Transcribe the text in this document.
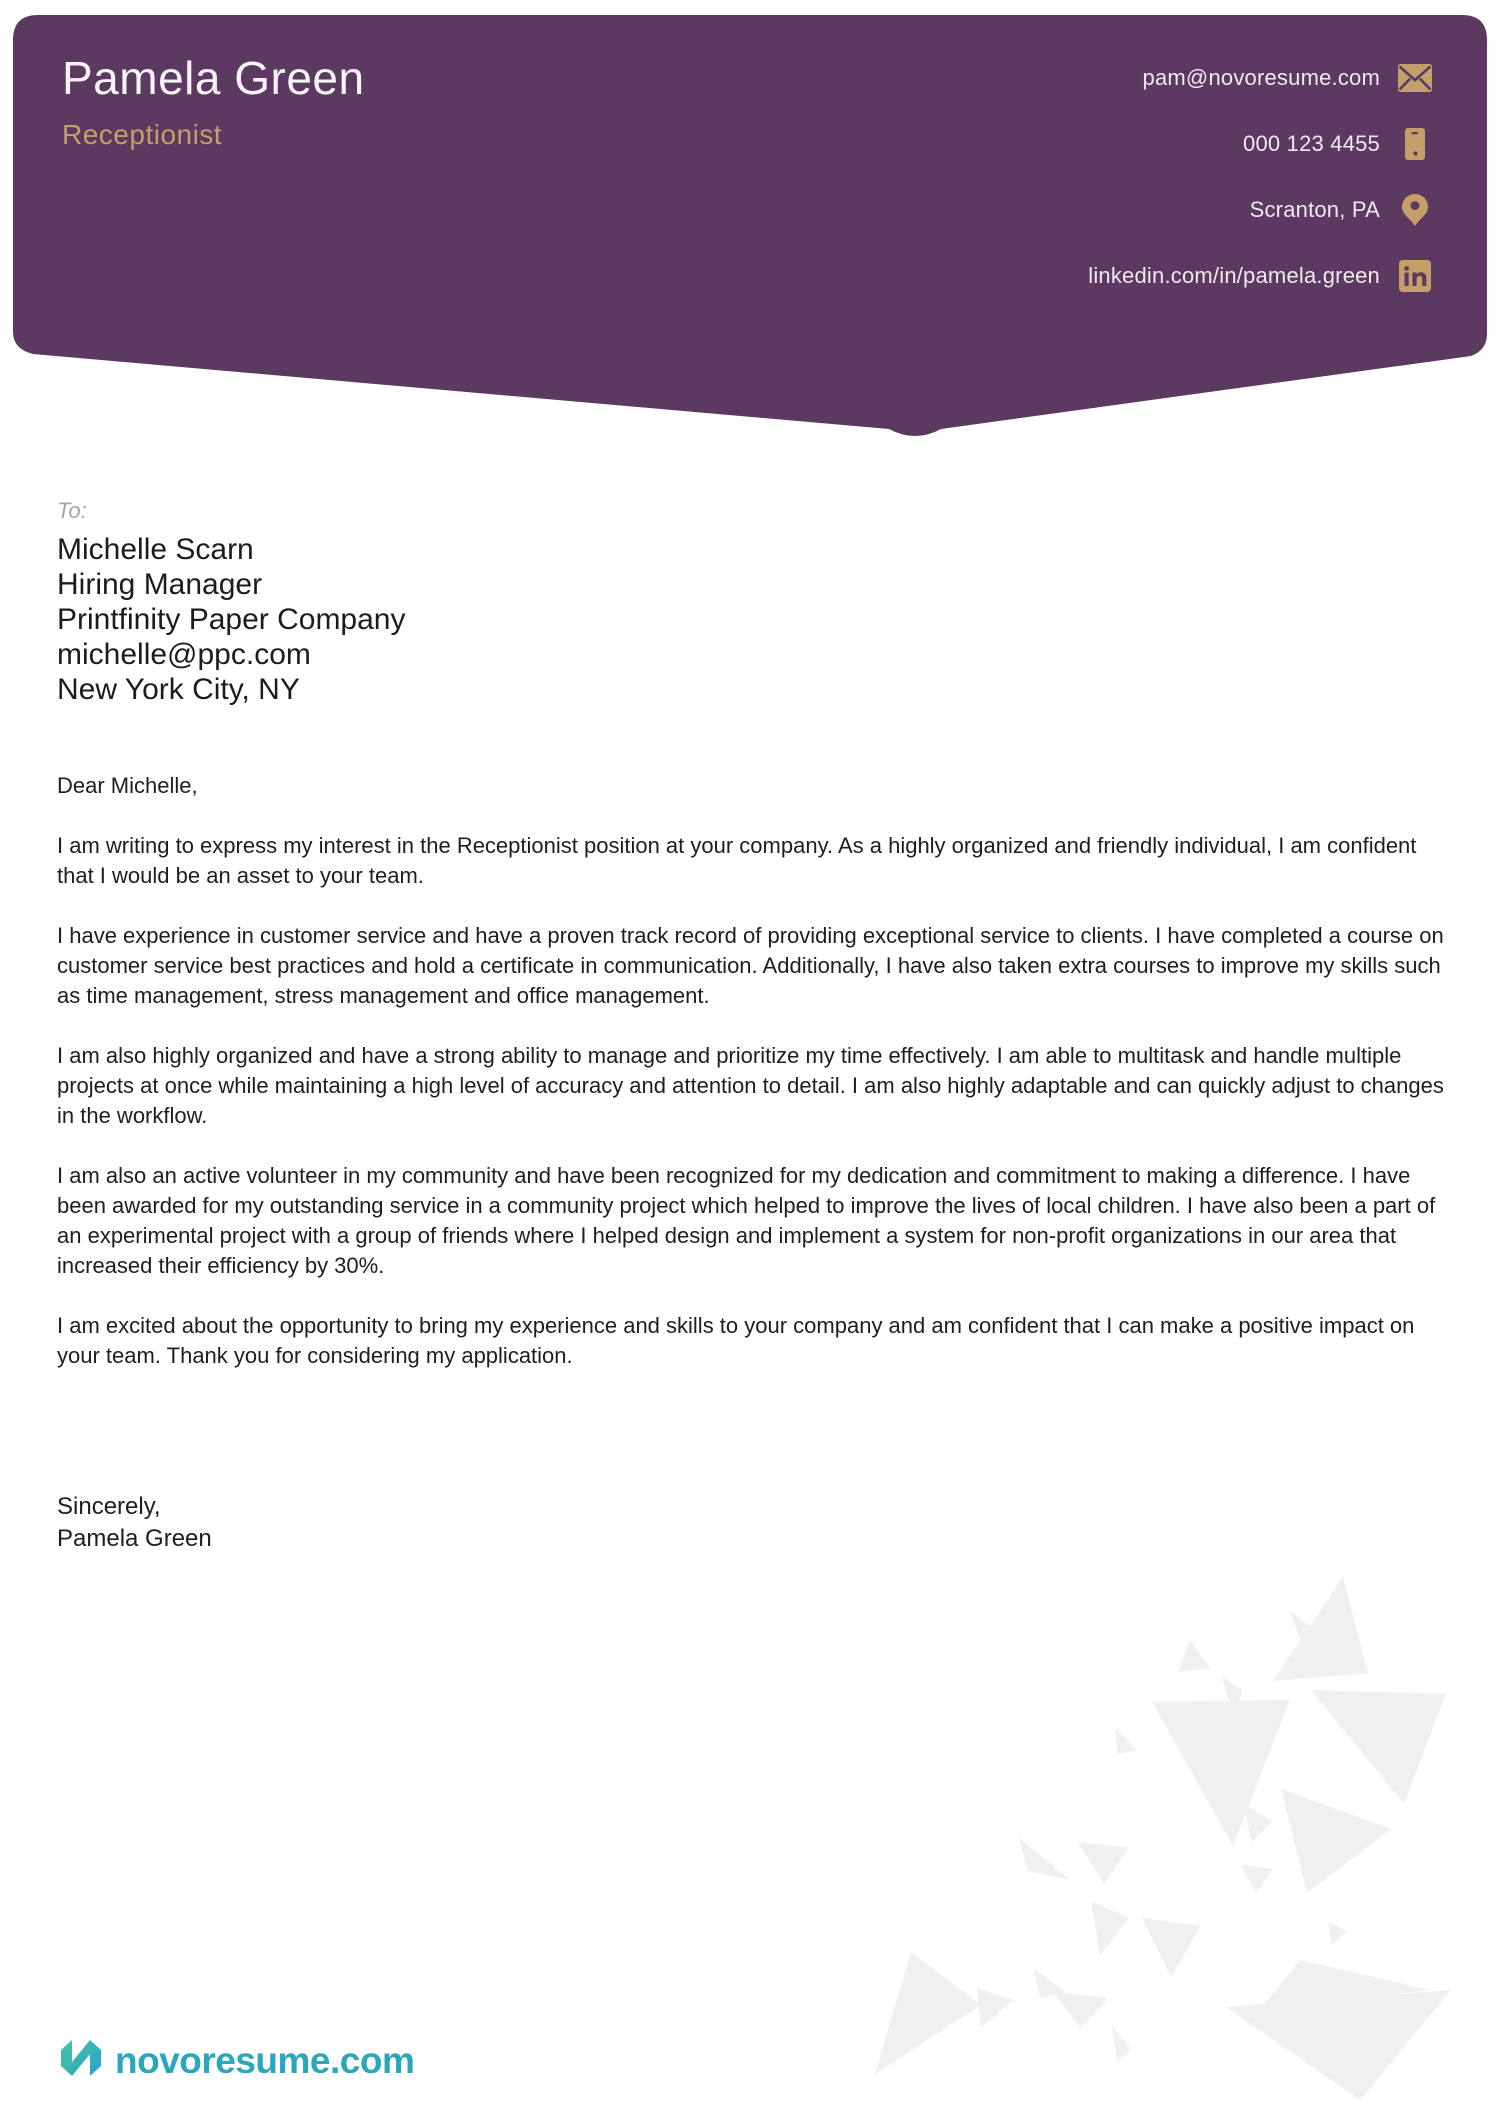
Pamela Green
Receptionist
pam@novoresume.com
000 123 4455
Scranton, PA
linkedin.com/in/pamela.green
To:
Michelle Scarn
Hiring Manager
Printfinity Paper Company
michelle@ppc.com
New York City, NY

Dear Michelle,

I am writing to express my interest in the Receptionist position at your company. As a highly organized and friendly individual, I am confident that I would be an asset to your team.

I have experience in customer service and have a proven track record of providing exceptional service to clients. I have completed a course on customer service best practices and hold a certificate in communication. Additionally, I have also taken extra courses to improve my skills such as time management, stress management and office management.

I am also highly organized and have a strong ability to manage and prioritize my time effectively. I am able to multitask and handle multiple projects at once while maintaining a high level of accuracy and attention to detail. I am also highly adaptable and can quickly adjust to changes in the workflow.

I am also an active volunteer in my community and have been recognized for my dedication and commitment to making a difference. I have been awarded for my outstanding service in a community project which helped to improve the lives of local children. I have also been a part of an experimental project with a group of friends where I helped design and implement a system for non-profit organizations in our area that increased their efficiency by 30%.

I am excited about the opportunity to bring my experience and skills to your company and am confident that I can make a positive impact on your team. Thank you for considering my application.

Sincerely,
Pamela Green
novoresume.com
